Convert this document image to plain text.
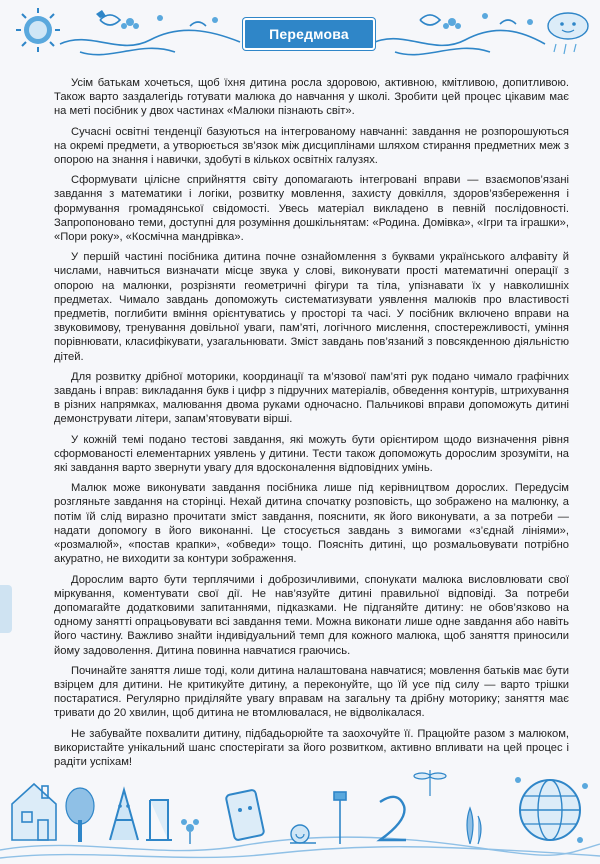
Передмова

Усім батькам хочеться, щоб їхня дитина росла здоровою, активною, кмітливою, допитливою. Також варто заздалегідь готувати малюка до навчання у школі. Зробити цей процес цікавим має на меті посібник у двох частинах «Малюки пізнають світ».

Сучасні освітні тенденції базуються на інтегрованому навчанні: завдання не розпорошуються на окремі предмети, а утворюється зв’язок між дисциплінами шляхом стирання предметних меж з опорою на знання і навички, здобуті в кількох освітніх галузях.

Сформувати цілісне сприйняття світу допомагають інтегровані вправи — взаємопов’язані завдання з математики і логіки, розвитку мовлення, захисту довкілля, здоров’язбереження і формування громадянської свідомості. Увесь матеріал викладено в певній послідовності. Запропоновано теми, доступні для розуміння дошкільнятам: «Родина. Домівка», «Ігри та іграшки», «Пори року», «Космічна мандрівка».

У першій частині посібника дитина почне ознайомлення з буквами українського алфавіту й числами, навчиться визначати місце звука у слові, виконувати прості математичні операції з опорою на малюнки, розрізняти геометричні фігури та тіла, упізнавати їх у навколишніх предметах. Чимало завдань допоможуть систематизувати уявлення малюків про властивості предметів, поглибити вміння орієнтуватись у просторі та часі. У посібник включено вправи на звуковимову, тренування довільної уваги, пам’яті, логічного мислення, спостережливості, уміння порівнювати, класифікувати, узагальнювати. Зміст завдань пов’язаний з повсякденною діяльністю дітей.

Для розвитку дрібної моторики, координації та м’язової пам’яті рук подано чимало графічних завдань і вправ: викладання букв і цифр з підручних матеріалів, обведення контурів, штрихування в різних напрямках, малювання двома руками одночасно. Пальчикові вправи допоможуть дитині демонструвати літери, запам’ятовувати вірші.

У кожній темі подано тестові завдання, які можуть бути орієнтиром щодо визначення рівня сформованості елементарних уявлень у дитини. Тести також допоможуть дорослим зрозуміти, на які завдання варто звернути увагу для вдосконалення відповідних умінь.

Малюк може виконувати завдання посібника лише під керівництвом дорослих. Передусім розгляньте завдання на сторінці. Нехай дитина спочатку розповість, що зображено на малюнку, а потім їй слід виразно прочитати зміст завдання, пояснити, як його виконувати, а за потреби — надати допомогу в його виконанні. Це стосується завдань з вимогами «з’єднай лініями», «розмалюй», «постав крапки», «обведи» тощо. Поясніть дитині, що розмальовувати потрібно акуратно, не виходити за контури зображення.

Дорослим варто бути терплячими і доброзичливими, спонукати малюка висловлювати свої міркування, коментувати свої дії. Не нав’язуйте дитині правильної відповіді. За потреби допомагайте додатковими запитаннями, підказками. Не підганяйте дитину: не обов’язково на одному занятті опрацьовувати всі завдання теми. Можна виконати лише одне завдання або навіть його частину. Важливо знайти індивідуальний темп для кожного малюка, щоб заняття приносили йому задоволення. Дитина повинна навчатися граючись.

Починайте заняття лише тоді, коли дитина налаштована навчатися; мовлення батьків має бути взірцем для дитини. Не критикуйте дитину, а переконуйте, що їй усе під силу — варто трішки постаратися. Регулярно приділяйте увагу вправам на загальну та дрібну моторику; заняття має тривати до 20 хвилин, щоб дитина не втомлювалася, не відволікалася.

Не забувайте похвалити дитину, підбадьорюйте та заохочуйте її. Працюйте разом з малюком, використайте унікальний шанс спостерігати за його розвитком, активно впливати на цей процес і радіти успіхам!
